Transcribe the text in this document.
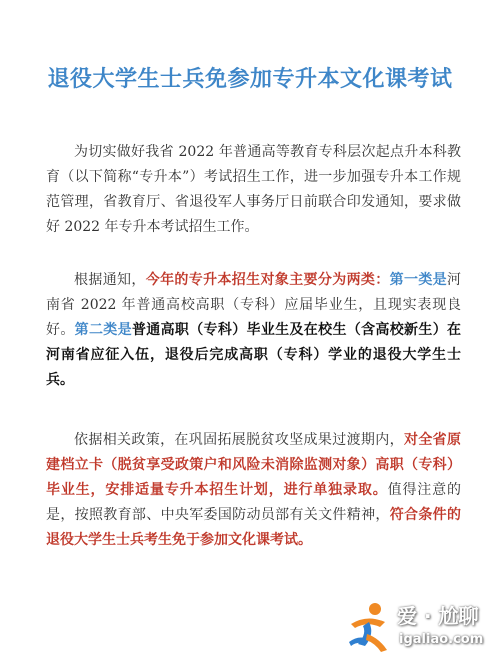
退役大学生士兵免参加专升本文化课考试

为切实做好我省 2022 年普通高等教育专科层次起点升本科教育（以下简称“专升本”）考试招生工作，进一步加强专升本工作规范管理，省教育厅、省退役军人事务厅日前联合印发通知，要求做好 2022 年专升本考试招生工作。

根据通知，今年的专升本招生对象主要分为两类：第一类是河南省 2022 年普通高校高职（专科）应届毕业生，且现实表现良好。第二类是普通高职（专科）毕业生及在校生（含高校新生）在河南省应征入伍，退役后完成高职（专科）学业的退役大学生士兵。

依据相关政策，在巩固拓展脱贫攻坚成果过渡期内，对全省原建档立卡（脱贫享受政策户和风险未消除监测对象）高职（专科）毕业生，安排适量专升本招生计划，进行单独录取。值得注意的是，按照教育部、中央军委国防动员部有关文件精神，符合条件的退役大学生士兵考生免于参加文化课考试。

爱 · 尬聊
igaliao.com
